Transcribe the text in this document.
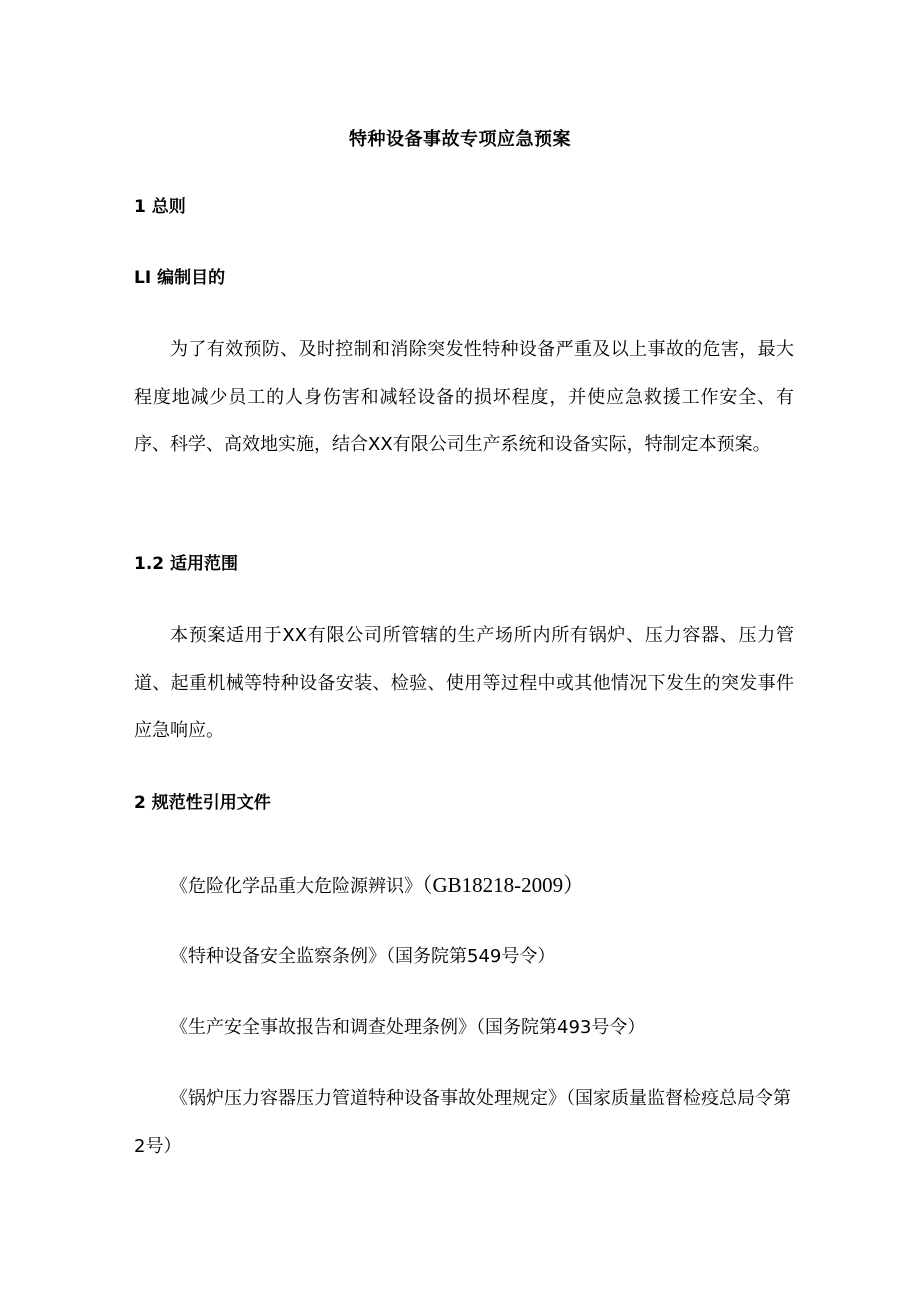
特种设备事故专项应急预案
1 总则
LI 编制目的

为了有效预防、及时控制和消除突发性特种设备严重及以上事故的危害，最大程度地减少员工的人身伤害和减轻设备的损坏程度，并使应急救援工作安全、有序、科学、高效地实施，结合XX有限公司生产系统和设备实际，特制定本预案。

1.2 适用范围

本预案适用于XX有限公司所管辖的生产场所内所有锅炉、压力容器、压力管道、起重机械等特种设备安装、检验、使用等过程中或其他情况下发生的突发事件应急响应。

2 规范性引用文件

《危险化学品重大危险源辨识》（GB18218-2009）

《特种设备安全监察条例》（国务院第549号令）

《生产安全事故报告和调查处理条例》（国务院第493号令）

《锅炉压力容器压力管道特种设备事故处理规定》（国家质量监督检疫总局令第2号）
